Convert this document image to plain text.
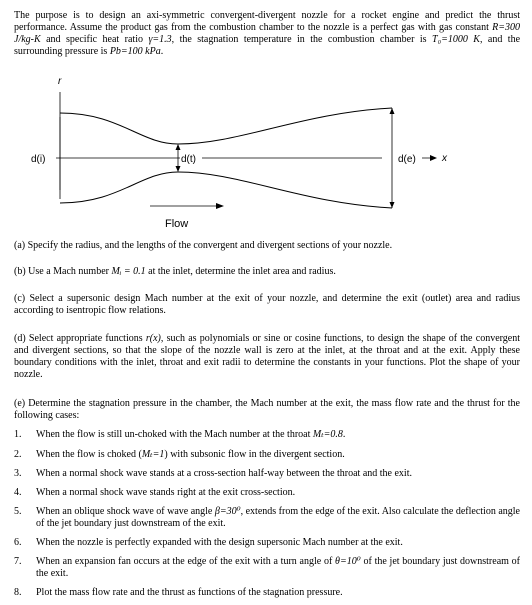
The purpose is to design an axi-symmetric convergent-divergent nozzle for a rocket engine and predict the thrust performance. Assume the product gas from the combustion chamber to the nozzle is a perfect gas with gas constant R=300 J/kg-K and specific heat ratio γ=1.3, the stagnation temperature in the combustion chamber is T₀=1000 K, and the surrounding pressure is Pb=100 kPa.
r
x
d(i)	d(t)	d(e)
Flow
(a) Specify the radius, and the lengths of the convergent and divergent sections of your nozzle.
(b) Use a Mach number Mᵢ = 0.1 at the inlet, determine the inlet area and radius.
(c) Select a supersonic design Mach number at the exit of your nozzle, and determine the exit (outlet) area and radius according to isentropic flow relations.
(d) Select appropriate functions r(x), such as polynomials or sine or cosine functions, to design the shape of the convergent and divergent sections, so that the slope of the nozzle wall is zero at the inlet, at the throat and at the exit. Apply these boundary conditions with the inlet, throat and exit radii to determine the constants in your functions. Plot the shape of your nozzle.
(e) Determine the stagnation pressure in the chamber, the Mach number at the exit, the mass flow rate and the thrust for the following cases:
1.	When the flow is still un-choked with the Mach number at the throat Mₜ=0.8.
2.	When the flow is choked (Mₜ=1) with subsonic flow in the divergent section.
3.	When a normal shock wave stands at a cross-section half-way between the throat and the exit.
4.	When a normal shock wave stands right at the exit cross-section.
5.	When an oblique shock wave of wave angle β=30⁰, extends from the edge of the exit. Also calculate the deflection angle of the jet boundary just downstream of the exit.
6.	When the nozzle is perfectly expanded with the design supersonic Mach number at the exit.
7.	When an expansion fan occurs at the edge of the exit with a turn angle of θ=10⁰ of the jet boundary just downstream of the exit.
8.	Plot the mass flow rate and the thrust as functions of the stagnation pressure.
